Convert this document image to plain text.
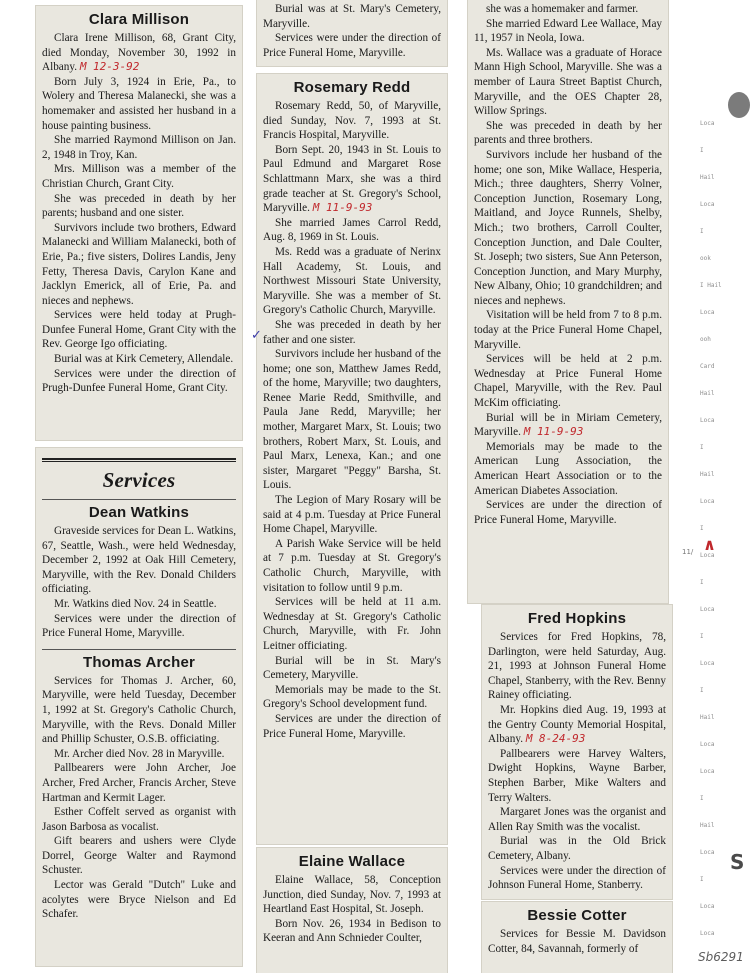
Clara Millison

Clara Irene Millison, 68, Grant City, died Monday, November 30, 1992 in Albany. M 12-3-92

Born July 3, 1924 in Erie, Pa., to Wolery and Theresa Malanecki, she was a homemaker and assisted her husband in a house painting business.

She married Raymond Millison on Jan. 2, 1948 in Troy, Kan.

Mrs. Millison was a member of the Christian Church, Grant City.

She was preceded in death by her parents; husband and one sister.

Survivors include two brothers, Edward Malanecki and William Malanecki, both of Erie, Pa.; five sisters, Dolires Landis, Jeny Fetty, Theresa Davis, Carylon Kane and Jacklyn Emerick, all of Erie, Pa. and nieces and nephews.

Services were held today at Prugh-Dunfee Funeral Home, Grant City with the Rev. George Igo officiating.

Burial was at Kirk Cemetery, Allendale.

Services were under the direction of Prugh-Dunfee Funeral Home, Grant City.

Services
Dean Watkins

Graveside services for Dean L. Watkins, 67, Seattle, Wash., were held Wednesday, December 2, 1992 at Oak Hill Cemetery, Maryville, with the Rev. Donald Childers officiating.

Mr. Watkins died Nov. 24 in Seattle.

Services were under the direction of Price Funeral Home, Maryville.

Thomas Archer

Services for Thomas J. Archer, 60, Maryville, were held Tuesday, December 1, 1992 at St. Gregory's Catholic Church, Maryville, with the Revs. Donald Miller and Phillip Schuster, O.S.B. officiating.

Mr. Archer died Nov. 28 in Maryville.

Pallbearers were John Archer, Joe Archer, Fred Archer, Francis Archer, Steve Hartman and Kermit Lager.

Esther Coffelt served as organist with Jason Barbosa as vocalist.

Gift bearers and ushers were Clyde Dorrel, George Walter and Raymond Schuster.

Lector was Gerald "Dutch" Luke and acolytes were Bryce Nielson and Ed Schafer.

Burial was at St. Mary's Cemetery, Maryville.

Services were under the direction of Price Funeral Home, Maryville.

Rosemary Redd

Rosemary Redd, 50, of Maryville, died Sunday, Nov. 7, 1993 at St. Francis Hospital, Maryville.

Born Sept. 20, 1943 in St. Louis to Paul Edmund and Margaret Rose Schlattmann Marx, she was a third grade teacher at St. Gregory's School, Maryville. M 11-9-93

She married James Carrol Redd, Aug. 8, 1969 in St. Louis.

Ms. Redd was a graduate of Nerinx Hall Academy, St. Louis, and Northwest Missouri State University, Maryville. She was a member of St. Gregory's Catholic Church, Maryville.

She was preceded in death by her father and one sister.

Survivors include her husband of the home; one son, Matthew James Redd, of the home, Maryville; two daughters, Renee Marie Redd, Smithville, and Paula Jane Redd, Maryville; her mother, Margaret Marx, St. Louis; two brothers, Robert Marx, St. Louis, and Paul Marx, Lenexa, Kan.; and one sister, Margaret "Peggy" Barsha, St. Louis.

The Legion of Mary Rosary will be said at 4 p.m. Tuesday at Price Funeral Home Chapel, Maryville.

A Parish Wake Service will be held at 7 p.m. Tuesday at St. Gregory's Catholic Church, Maryville, with visitation to follow until 9 p.m.

Services will be held at 11 a.m. Wednesday at St. Gregory's Catholic Church, Maryville, with Fr. John Leitner officiating.

Burial will be in St. Mary's Cemetery, Maryville.

Memorials may be made to the St. Gregory's School development fund.

Services are under the direction of Price Funeral Home, Maryville.

Elaine Wallace

Elaine Wallace, 58, Conception Junction, died Sunday, Nov. 7, 1993 at Heartland East Hospital, St. Joseph.

Born Nov. 26, 1934 in Bedison to Keeran and Ann Schnieder Coulter,

she was a homemaker and farmer.

She married Edward Lee Wallace, May 11, 1957 in Neola, Iowa.

Ms. Wallace was a graduate of Horace Mann High School, Maryville. She was a member of Laura Street Baptist Church, Maryville, and the OES Chapter 28, Willow Springs.

She was preceded in death by her parents and three brothers.

Survivors include her husband of the home; one son, Mike Wallace, Hesperia, Mich.; three daughters, Sherry Volner, Conception Junction, Rosemary Long, Maitland, and Joyce Runnels, Shelby, Mich.; two brothers, Carroll Coulter, Conception Junction, and Dale Coulter, St. Joseph; two sisters, Sue Ann Peterson, Conception Junction, and Mary Murphy, New Albany, Ohio; 10 grandchildren; and nieces and nephews.

Visitation will be held from 7 to 8 p.m. today at the Price Funeral Home Chapel, Maryville.

Services will be held at 2 p.m. Wednesday at Price Funeral Home Chapel, Maryville, with the Rev. Paul McKim officiating.

Burial will be in Miriam Cemetery, Maryville. M 11-9-93

Memorials may be made to the American Lung Association, the American Heart Association or to the American Diabetes Association.

Services are under the direction of Price Funeral Home, Maryville.

Fred Hopkins

Services for Fred Hopkins, 78, Darlington, were held Saturday, Aug. 21, 1993 at Johnson Funeral Home Chapel, Stanberry, with the Rev. Benny Rainey officiating.

Mr. Hopkins died Aug. 19, 1993 at the Gentry County Memorial Hospital, Albany. M 8-24-93

Pallbearers were Harvey Walters, Dwight Hopkins, Wayne Barber, Stephen Barber, Mike Walters and Terry Walters.

Margaret Jones was the organist and Allen Ray Smith was the vocalist.

Burial was in the Old Brick Cemetery, Albany.

Services were under the direction of Johnson Funeral Home, Stanberry.

Bessie Cotter

Services for Bessie M. Davidson Cotter, 84, Savannah, formerly of

Loca
I
Hail
Loca
I
ook
I Hail
Loca
ooh
Card
Hail
Loca
I
Hail
Loca
I
Loca
I
Loca
I
Loca
I
Hail
Loca
Loca
I
Hail
Loca
I
Loca
Loca
✓
11/ ∧
S
Sb6291
